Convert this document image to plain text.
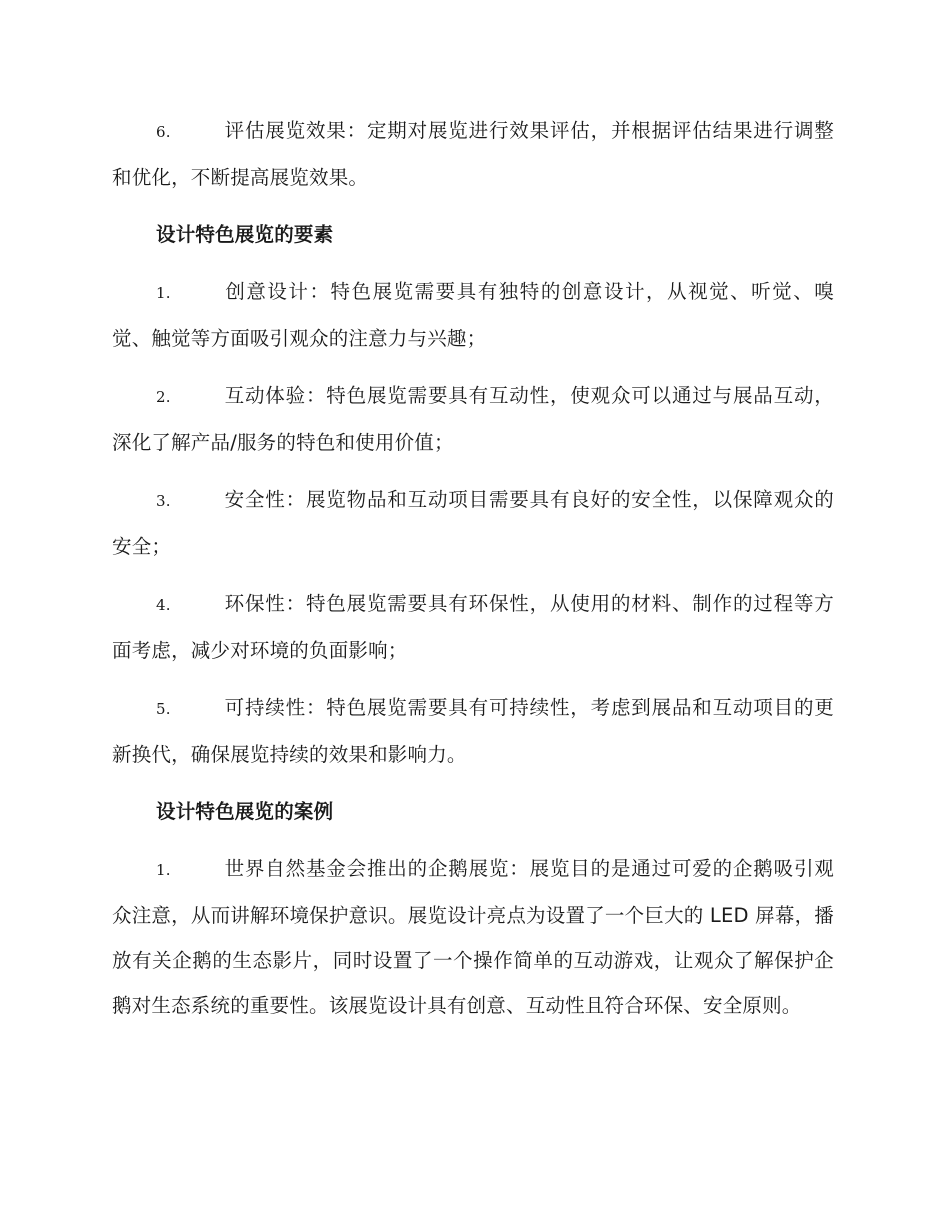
6.	评估展览效果：定期对展览进行效果评估，并根据评估结果进行调整和优化，不断提高展览效果。

设计特色展览的要素

1.	创意设计：特色展览需要具有独特的创意设计，从视觉、听觉、嗅觉、触觉等方面吸引观众的注意力与兴趣；

2.	互动体验：特色展览需要具有互动性，使观众可以通过与展品互动，深化了解产品/服务的特色和使用价值；

3.	安全性：展览物品和互动项目需要具有良好的安全性，以保障观众的安全；

4.	环保性：特色展览需要具有环保性，从使用的材料、制作的过程等方面考虑，减少对环境的负面影响；

5.	可持续性：特色展览需要具有可持续性，考虑到展品和互动项目的更新换代，确保展览持续的效果和影响力。

设计特色展览的案例

1.	世界自然基金会推出的企鹅展览：展览目的是通过可爱的企鹅吸引观众注意，从而讲解环境保护意识。展览设计亮点为设置了一个巨大的 LED 屏幕，播放有关企鹅的生态影片，同时设置了一个操作简单的互动游戏，让观众了解保护企鹅对生态系统的重要性。该展览设计具有创意、互动性且符合环保、安全原则。
